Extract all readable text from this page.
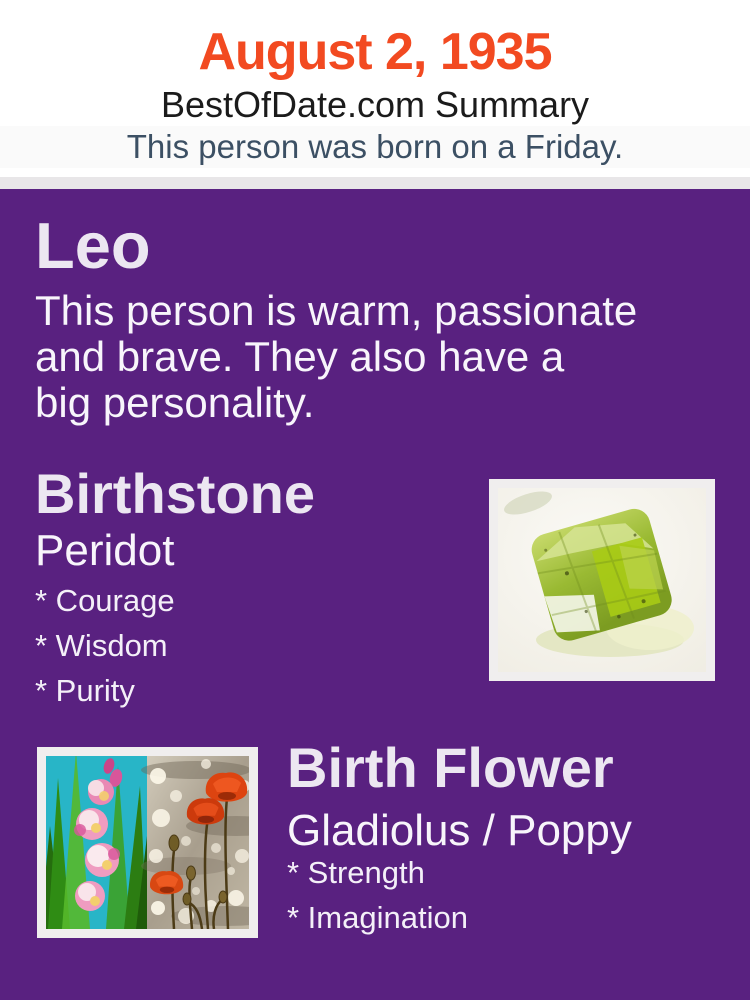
August 2, 1935
BestOfDate.com Summary
This person was born on a Friday.
Leo
This person is warm, passionate
and brave. They also have a
big personality.
Birthstone
Peridot
* Courage
* Wisdom
* Purity
Birth Flower
Gladiolus / Poppy
* Strength
* Imagination
